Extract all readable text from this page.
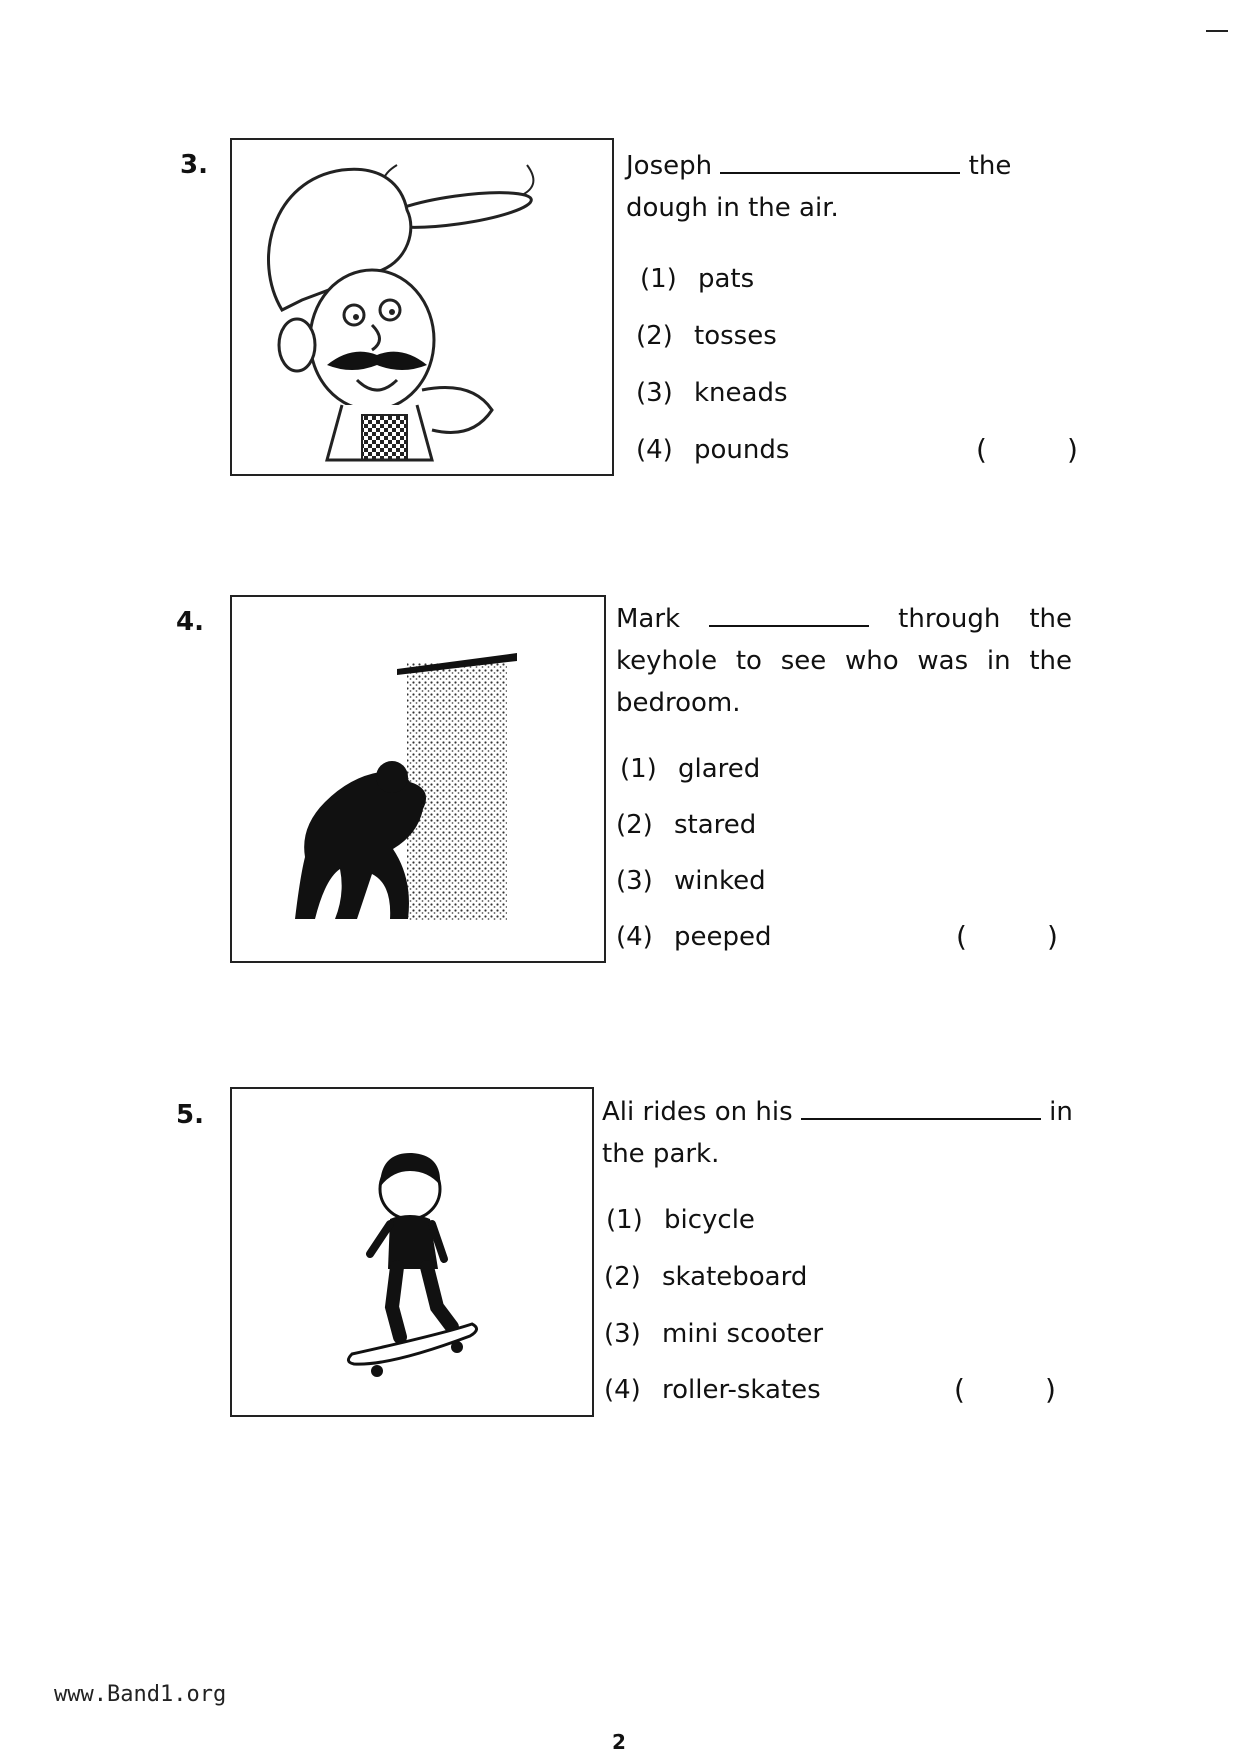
3.	Joseph	the dough in the air.
(1) pats
(2) tosses
(3) kneads
(4) pounds	(         )
4.	Mark	through the keyhole to see who was in the bedroom.
(1) glared
(2) stared
(3) winked
(4) peeped	(         )
5.	Ali rides on his	in the park.
(1) bicycle
(2) skateboard
(3) mini scooter
(4) roller-skates	(         )
www.Band1.org
2
